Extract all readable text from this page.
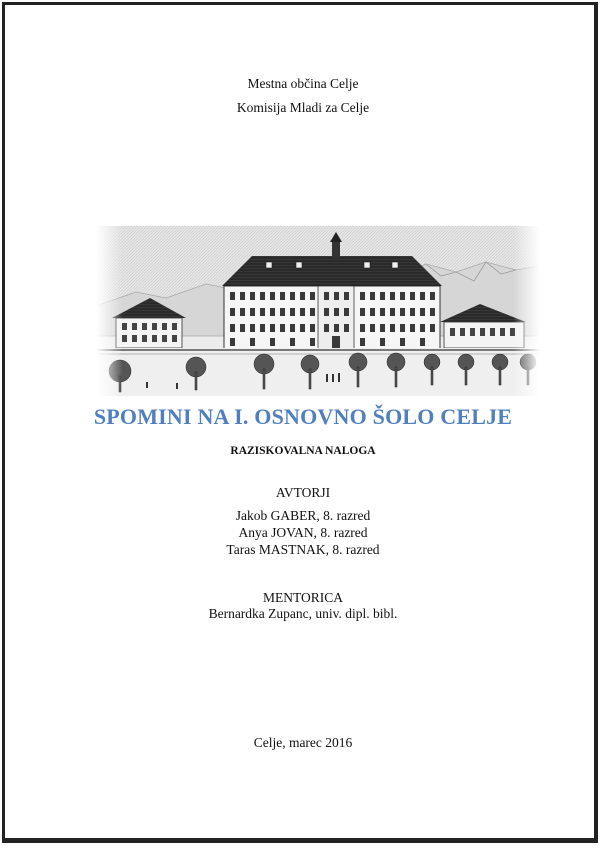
Mestna občina Celje
Komisija Mladi za Celje
SPOMINI NA I. OSNOVNO ŠOLO CELJE
RAZISKOVALNA NALOGA
AVTORJI
Jakob GABER, 8. razred
Anya JOVAN, 8. razred
Taras MASTNAK, 8. razred
MENTORICA
Bernardka Zupanc, univ. dipl. bibl.
Celje, marec 2016
